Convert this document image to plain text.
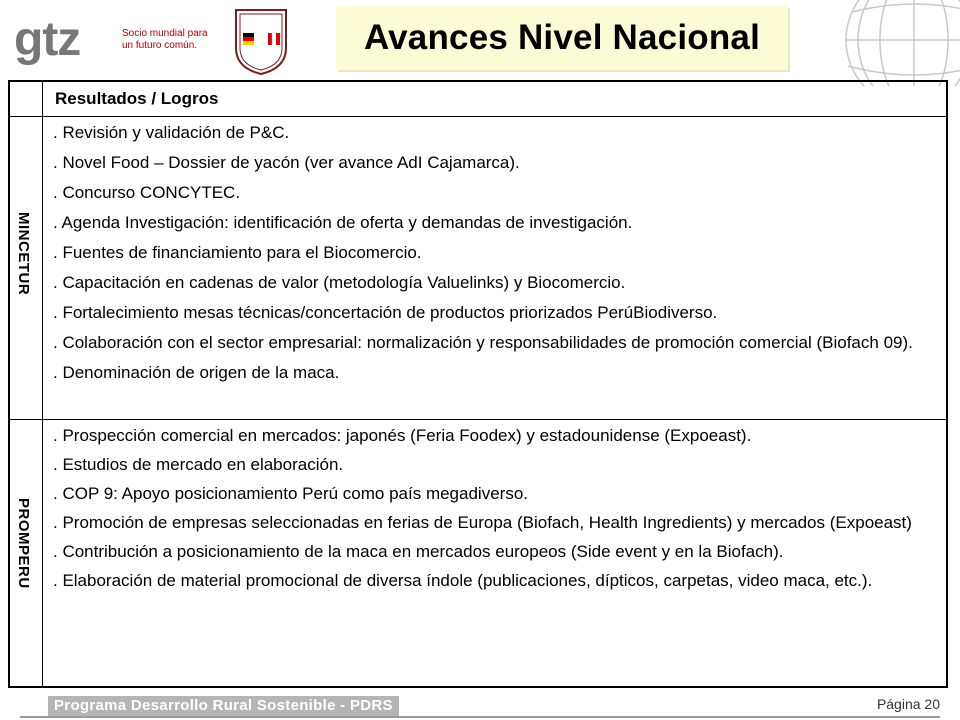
gtz	Socio mundial para
un futuro común.	Avances Nivel Nacional
Resultados / Logros
MINCETUR
. Revisión y validación de P&C.
. Novel Food – Dossier de yacón (ver avance AdI Cajamarca).
. Concurso CONCYTEC.
. Agenda Investigación: identificación de oferta y demandas de investigación.
. Fuentes de financiamiento para el Biocomercio.
. Capacitación en cadenas de valor (metodología Valuelinks) y Biocomercio.
. Fortalecimiento mesas técnicas/concertación de productos priorizados PerúBiodiverso.
. Colaboración con el sector empresarial: normalización y responsabilidades de promoción comercial (Biofach 09).
. Denominación de origen de la maca.
PROMPERU
. Prospección comercial en mercados: japonés (Feria Foodex) y estadounidense (Expoeast).
. Estudios de mercado en elaboración.
. COP 9: Apoyo posicionamiento Perú como país megadiverso.
. Promoción de empresas seleccionadas en ferias de Europa (Biofach, Health Ingredients) y mercados (Expoeast)
. Contribución a posicionamiento de la maca en mercados europeos (Side event y en la Biofach).
. Elaboración de material promocional de diversa índole (publicaciones, dípticos, carpetas, video maca, etc.).
Programa Desarrollo Rural Sostenible - PDRS	Página 20
